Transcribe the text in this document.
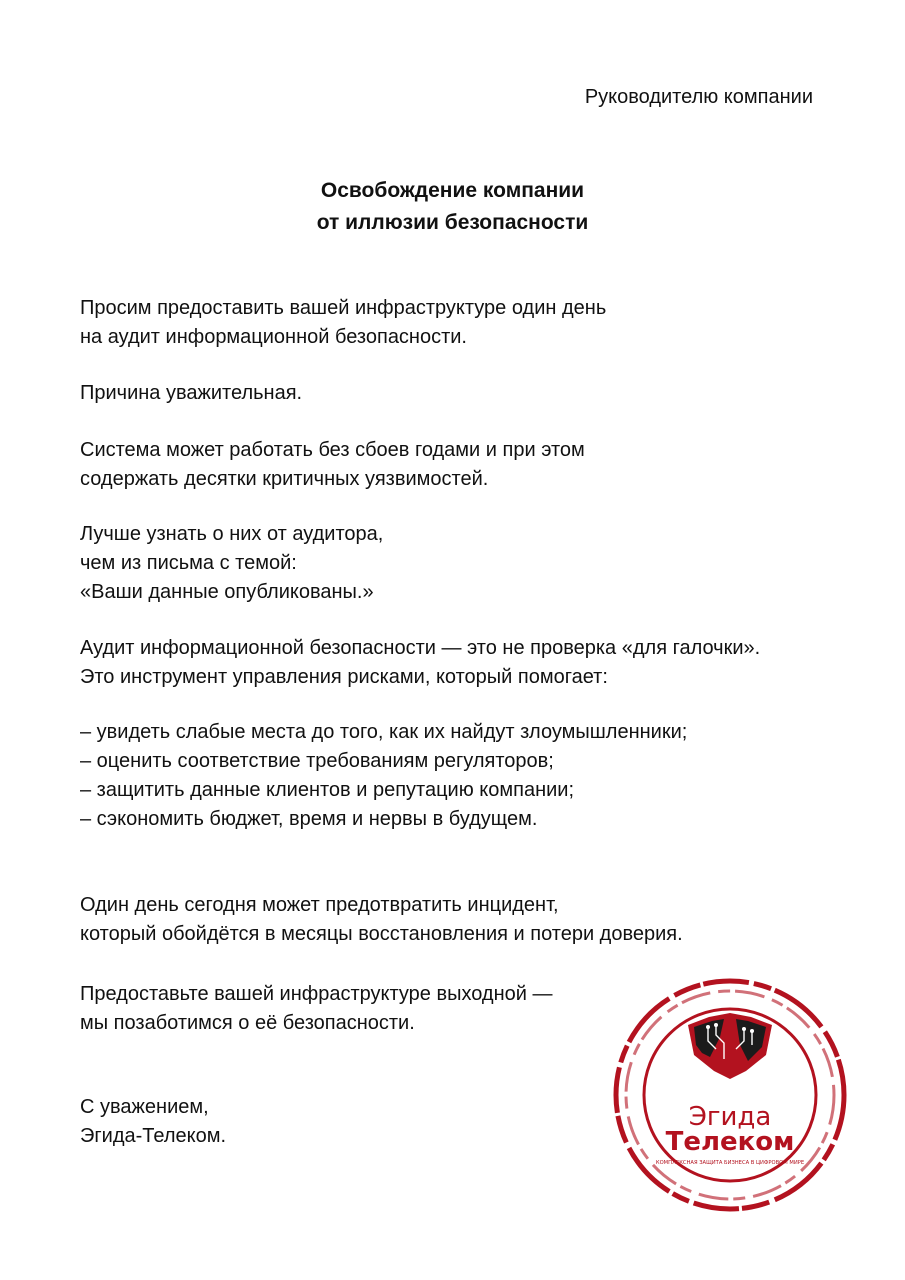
Руководителю компании
Освобождение компании
от иллюзии безопасности
Просим предоставить вашей инфраструктуре один день
на аудит информационной безопасности.
Причина уважительная.
Система может работать без сбоев годами и при этом
содержать десятки критичных уязвимостей.
Лучше узнать о них от аудитора,
чем из письма с темой:
«Ваши данные опубликованы.»
Аудит информационной безопасности — это не проверка «для галочки».
Это инструмент управления рисками, который помогает:
– увидеть слабые места до того, как их найдут злоумышленники;
– оценить соответствие требованиям регуляторов;
– защитить данные клиентов и репутацию компании;
– сэкономить бюджет, время и нервы в будущем.
Один день сегодня может предотвратить инцидент,
который обойдётся в месяцы восстановления и потери доверия.
Предоставьте вашей инфраструктуре выходной —
мы позаботимся о её безопасности.
С уважением,
Эгида-Телеком.
Эгида
Телеком
КОМПЛЕКСНАЯ ЗАЩИТА БИЗНЕСА В ЦИФРОВОМ МИРЕ
